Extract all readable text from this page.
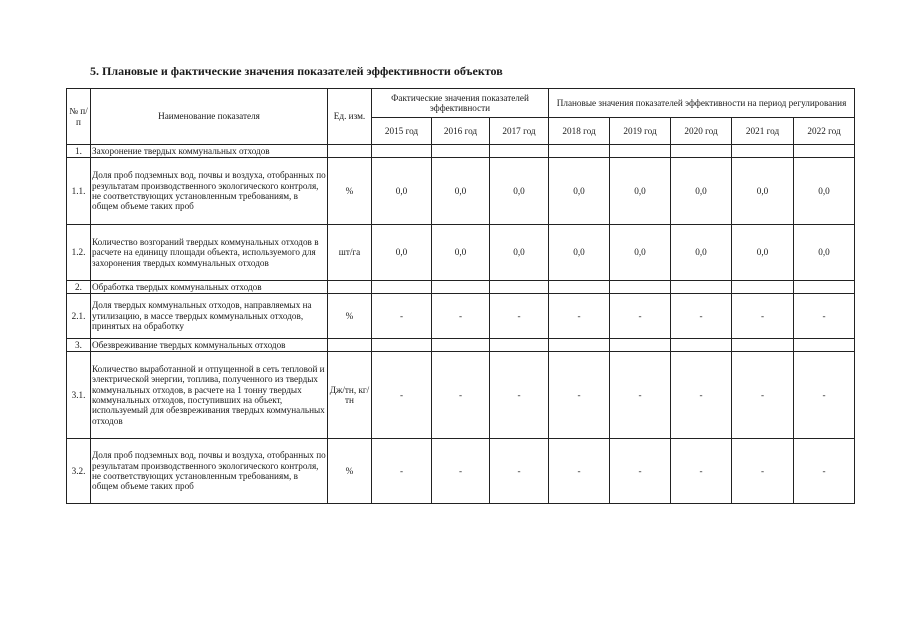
5. Плановые и фактические значения показателей эффективности объектов
№ п/п	Наименование показателя	Ед. изм.	Фактические значения показателей эффективности			Плановые значения показателей эффективности на период регулирования				
			2015 год	2016 год	2017 год	2018 год	2019 год	2020 год	2021 год	2022 год
1.	Захоронение твердых коммунальных отходов									
1.1.	Доля проб подземных вод, почвы и воздуха, отобранных по результатам производственного экологического контроля, не соответствующих установленным требованиям, в общем объеме таких проб	%	0,0	0,0	0,0	0,0	0,0	0,0	0,0	0,0
1.2.	Количество возгораний твердых коммунальных отходов в расчете на единицу площади объекта, используемого для захоронения твердых коммунальных отходов	шт/га	0,0	0,0	0,0	0,0	0,0	0,0	0,0	0,0
2.	Обработка твердых коммунальных отходов									
2.1.	Доля твердых коммунальных отходов, направляемых на утилизацию, в массе твердых коммунальных отходов, принятых на обработку	%	-	-	-	-	-	-	-	-
3.	Обезвреживание твердых коммунальных отходов									
3.1.	Количество выработанной и отпущенной в сеть тепловой и электрической энергии, топлива, полученного из твердых коммунальных отходов, в расчете на 1 тонну твердых коммунальных отходов, поступивших на объект, используемый для обезвреживания твердых коммунальных отходов	Дж/тн, кг/тн	-	-	-	-	-	-	-	-
3.2.	Доля проб подземных вод, почвы и воздуха, отобранных по результатам производственного экологического контроля, не соответствующих установленным требованиям, в общем объеме таких проб	%	-	-	-	-	-	-	-	-
